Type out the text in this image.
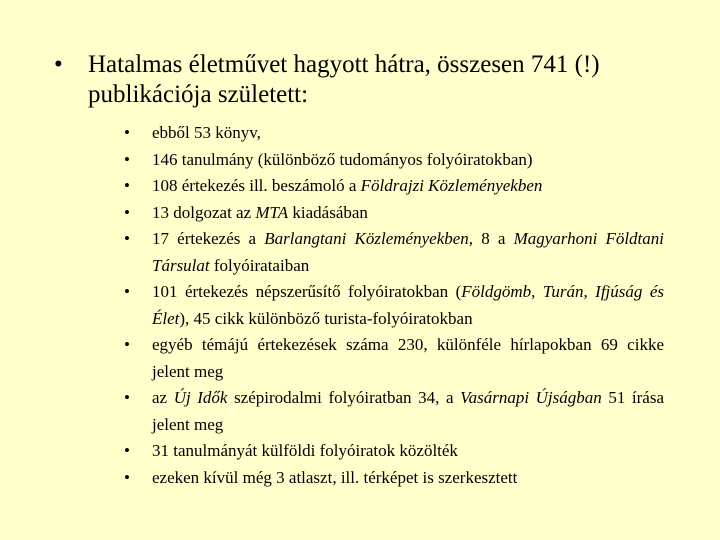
•	Hatalmas életművet hagyott hátra, összesen 741 (!) publikációja született:
•	ebből 53 könyv,
•	146 tanulmány (különböző tudományos folyóiratokban)
•	108 értekezés ill. beszámoló a Földrajzi Közleményekben
•	13 dolgozat az MTA kiadásában
•	17 értekezés a Barlangtani Közleményekben, 8 a Magyarhoni Földtani Társulat folyóirataiban
•	101 értekezés népszerűsítő folyóiratokban (Földgömb, Turán, Ifjúság és Élet), 45 cikk különböző turista-folyóiratokban
•	egyéb témájú értekezések száma 230, különféle hírlapokban 69 cikke jelent meg
•	az Új Idők szépirodalmi folyóiratban 34, a Vasárnapi Újságban 51 írása jelent meg
•	31 tanulmányát külföldi folyóiratok közölték
•	ezeken kívül még 3 atlaszt, ill. térképet is szerkesztett
